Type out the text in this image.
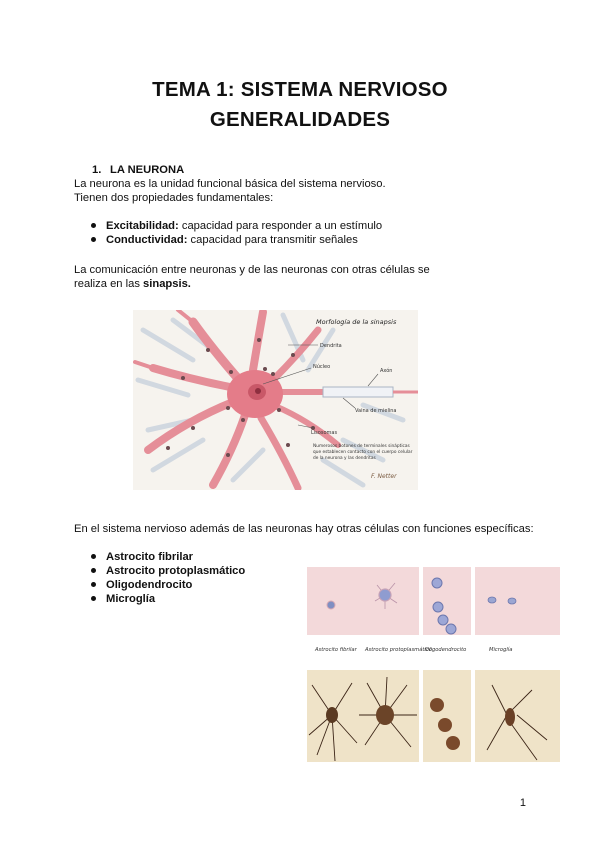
TEMA 1: SISTEMA NERVIOSO
GENERALIDADES
1. LA NEURONA
La neurona es la unidad funcional básica del sistema nervioso.
Tienen dos propiedades fundamentales:
Excitabilidad: capacidad para responder a un estímulo
Conductividad: capacidad para transmitir señales
La comunicación entre neuronas y de las neuronas con otras células se
realiza en las sinapsis.
Morfología de la sinapsis
Dendrita
Núcleo
Axón
Vaina de mielina
Lisosomas
Numerosos botones de terminales sinápticas
que establecen contacto con el cuerpo celular
de la neurona y las dendritas
F. Netter
En el sistema nervioso además de las neuronas hay otras células con funciones específicas:
Astrocito fibrilar
Astrocito protoplasmático
Oligodendrocito
Microglía
Astrocito fibrilar Astrocito protoplasmático
Oligodendrocito	Microglía
1
